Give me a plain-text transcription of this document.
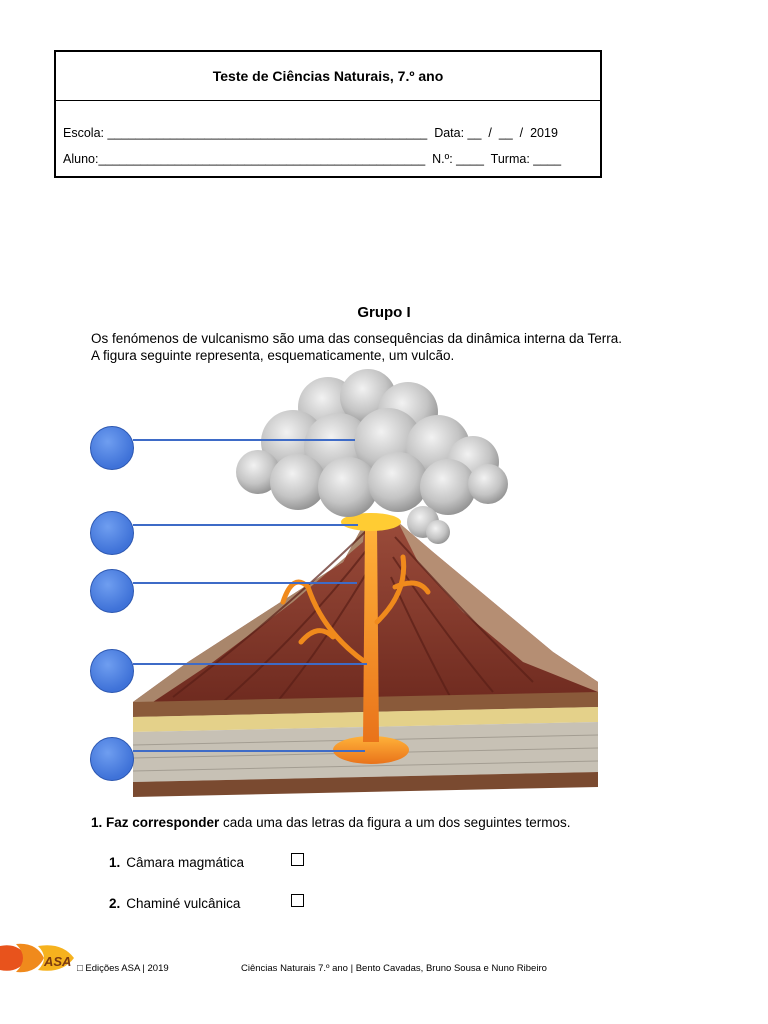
Teste de Ciências Naturais, 7.º ano
Escola: ______________________________________________  Data: __  /  __  /  2019
Aluno:_______________________________________________  N.º: ____  Turma: ____
Grupo I
Os fenómenos de vulcanismo são uma das consequências da dinâmica interna da Terra.
A figura seguinte representa, esquematicamente, um vulcão.
1. Faz corresponder cada uma das letras da figura a um dos seguintes termos.
1. Câmara magmática
2. Chaminé vulcânica
ASA □ Edições ASA | 2019	Ciências Naturais 7.º ano | Bento Cavadas, Bruno Sousa e Nuno Ribeiro
